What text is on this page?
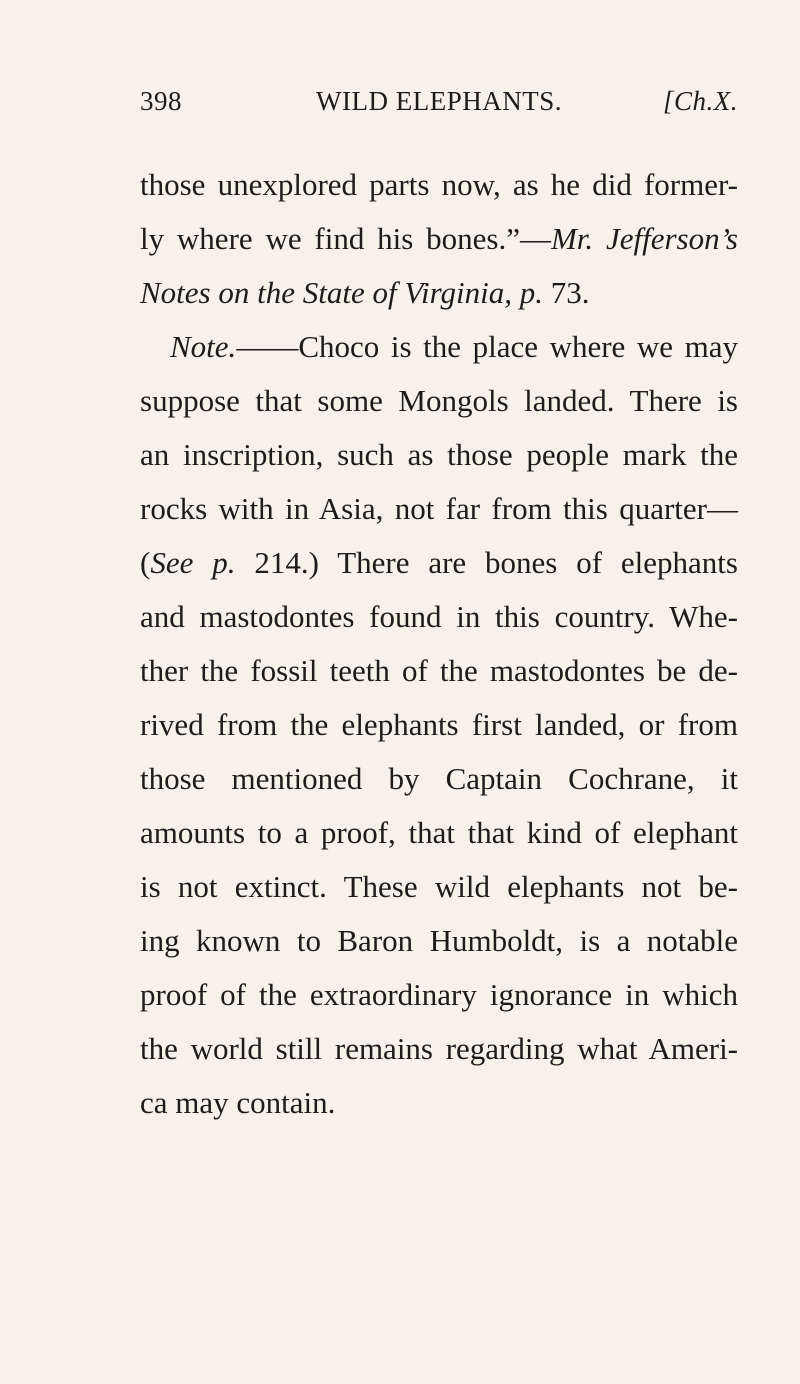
398	WILD ELEPHANTS.	[Ch.X.
those unexplored parts now, as he did former-
ly where we find his bones.”—Mr. Jefferson’s
Notes on the State of Virginia, p. 73.
Note.——Choco is the place where we may
suppose that some Mongols landed. There is
an inscription, such as those people mark the
rocks with in Asia, not far from this quarter—
(See p. 214.) There are bones of elephants
and mastodontes found in this country. Whe-
ther the fossil teeth of the mastodontes be de-
rived from the elephants first landed, or from
those mentioned by Captain Cochrane, it
amounts to a proof, that that kind of elephant
is not extinct. These wild elephants not be-
ing known to Baron Humboldt, is a notable
proof of the extraordinary ignorance in which
the world still remains regarding what Ameri-
ca may contain.
